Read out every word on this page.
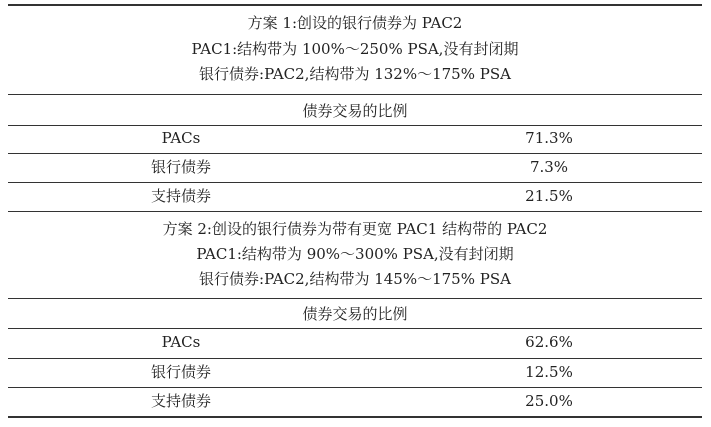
方案 1:创设的银行债券为 PAC2
PAC1:结构带为 100%～250% PSA,没有封闭期
银行债券:PAC2,结构带为 132%～175% PSA
债券交易的比例
PACs	71.3%
银行债券	7.3%
支持债券	21.5%
方案 2:创设的银行债券为带有更宽 PAC1 结构带的 PAC2
PAC1:结构带为 90%～300% PSA,没有封闭期
银行债券:PAC2,结构带为 145%～175% PSA
债券交易的比例
PACs	62.6%
银行债券	12.5%
支持债券	25.0%
